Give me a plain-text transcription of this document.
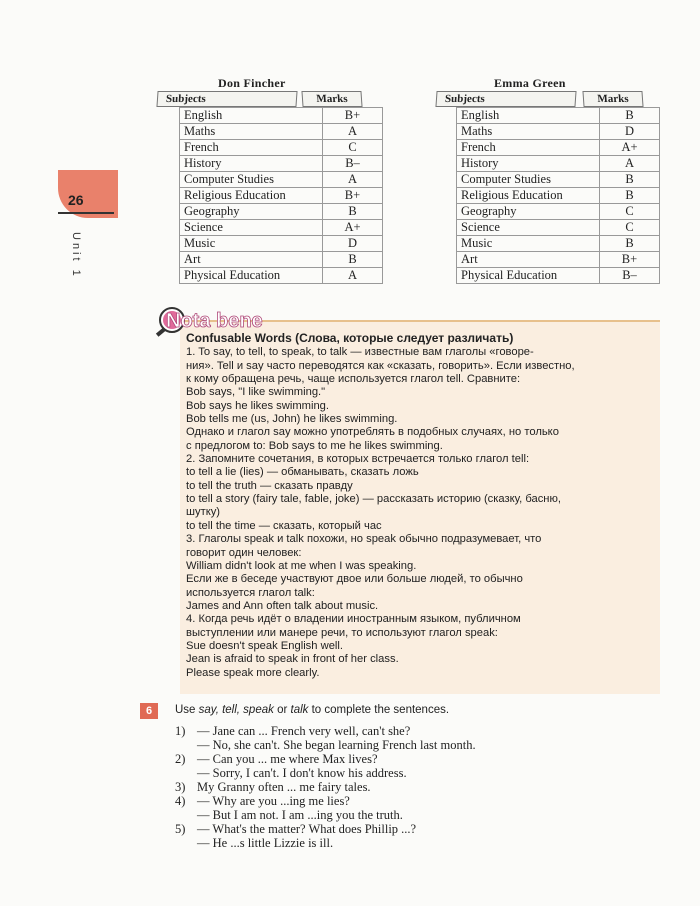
Don Fincher
Subjects	Marks
English	B+
Maths	A
French	C
History	B–
Computer Studies	A
Religious Education	B+
Geography	B
Science	A+
Music	D
Art	B
Physical Education	A
Emma Green
Subjects	Marks
English	B
Maths	D
French	A+
History	A
Computer Studies	B
Religious Education	B
Geography	C
Science	C
Music	B
Art	B+
Physical Education	B–
26
Unit 1
Nota bene

Confusable Words (Слова, которые следует различать)

1. To say, to tell, to speak, to talk — известные вам глаголы «говоре-

ния». Tell и say часто переводятся как «сказать, говорить». Если известно,

к кому обращена речь, чаще используется глагол tell. Сравните:

Bob says, "I like swimming."

Bob says he likes swimming.

Bob tells me (us, John) he likes swimming.

Однако и глагол say можно употреблять в подобных случаях, но только

с предлогом to: Bob says to me he likes swimming.

2. Запомните сочетания, в которых встречается только глагол tell:

to tell a lie (lies) — обманывать, сказать ложь

to tell the truth — сказать правду

to tell a story (fairy tale, fable, joke) — рассказать историю (сказку, басню,

шутку)

to tell the time — сказать, который час

3. Глаголы speak и talk похожи, но speak обычно подразумевает, что

говорит один человек:

William didn't look at me when I was speaking.

Если же в беседе участвуют двое или больше людей, то обычно

используется глагол talk:

James and Ann often talk about music.

4. Когда речь идёт о владении иностранным языком, публичном

выступлении или манере речи, то используют глагол speak:

Sue doesn't speak English well.

Jean is afraid to speak in front of her class.

Please speak more clearly.

6	Use say, tell, speak or talk to complete the sentences.
1) — Jane can ... French very well, can't she?
— No, she can't. She began learning French last month.
2) — Can you ... me where Max lives?
— Sorry, I can't. I don't know his address.
3) My Granny often ... me fairy tales.
4) — Why are you ...ing me lies?
— But I am not. I am ...ing you the truth.
5) — What's the matter? What does Phillip ...?
— He ...s little Lizzie is ill.
